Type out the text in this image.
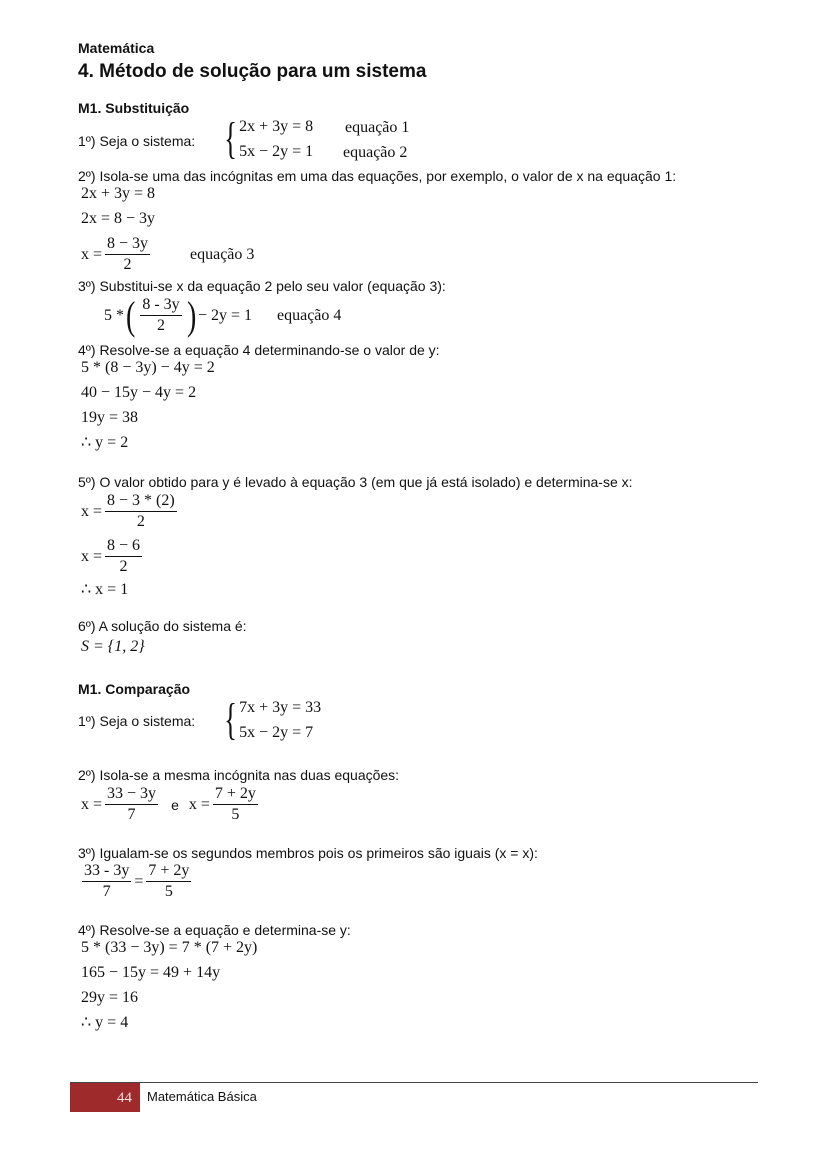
Matemática
4. Método de solução para um sistema
M1. Substituição
1º) Seja o sistema: { 2x + 3y = 8
5x − 2y = 1
equação 1
equação 2
2º) Isola-se uma das incógnitas em uma das equações, por exemplo, o valor de x na equação 1:
2x + 3y = 8
2x = 8 − 3y
$x = \frac{8 - 3y}{2}$ equação 3
3º) Substitui-se x da equação 2 pelo seu valor (equação 3):
5 * ( $\frac{8 - 3y}{2}$ ) − 2y = 1 equação 4
4º) Resolve-se a equação 4 determinando-se o valor de y:
5 * (8 − 3y) − 4y = 2
40 − 15y − 4y = 2
19y = 38
∴ y = 2
5º) O valor obtido para y é levado à equação 3 (em que já está isolado) e determina-se x:
$x = \frac{8 - 3 * (2)}{2}$
$x = \frac{8 - 6}{2}$
∴ x = 1
6º) A solução do sistema é:
S = {1, 2}
M1. Comparação
1º) Seja o sistema: { 7x + 3y = 33
5x − 2y = 7
2º) Isola-se a mesma incógnita nas duas equações:
$x = \frac{33 - 3y}{7}$ e $x = \frac{7 + 2y}{5}$
3º) Igualam-se os segundos membros pois os primeiros são iguais (x = x):
$\frac{33 - 3y}{7} = \frac{7 + 2y}{5}$
4º) Resolve-se a equação e determina-se y:
5 * (33 − 3y) = 7 * (7 + 2y)
165 − 15y = 49 + 14y
29y = 16
∴ y = 4
44 Matemática Básica
